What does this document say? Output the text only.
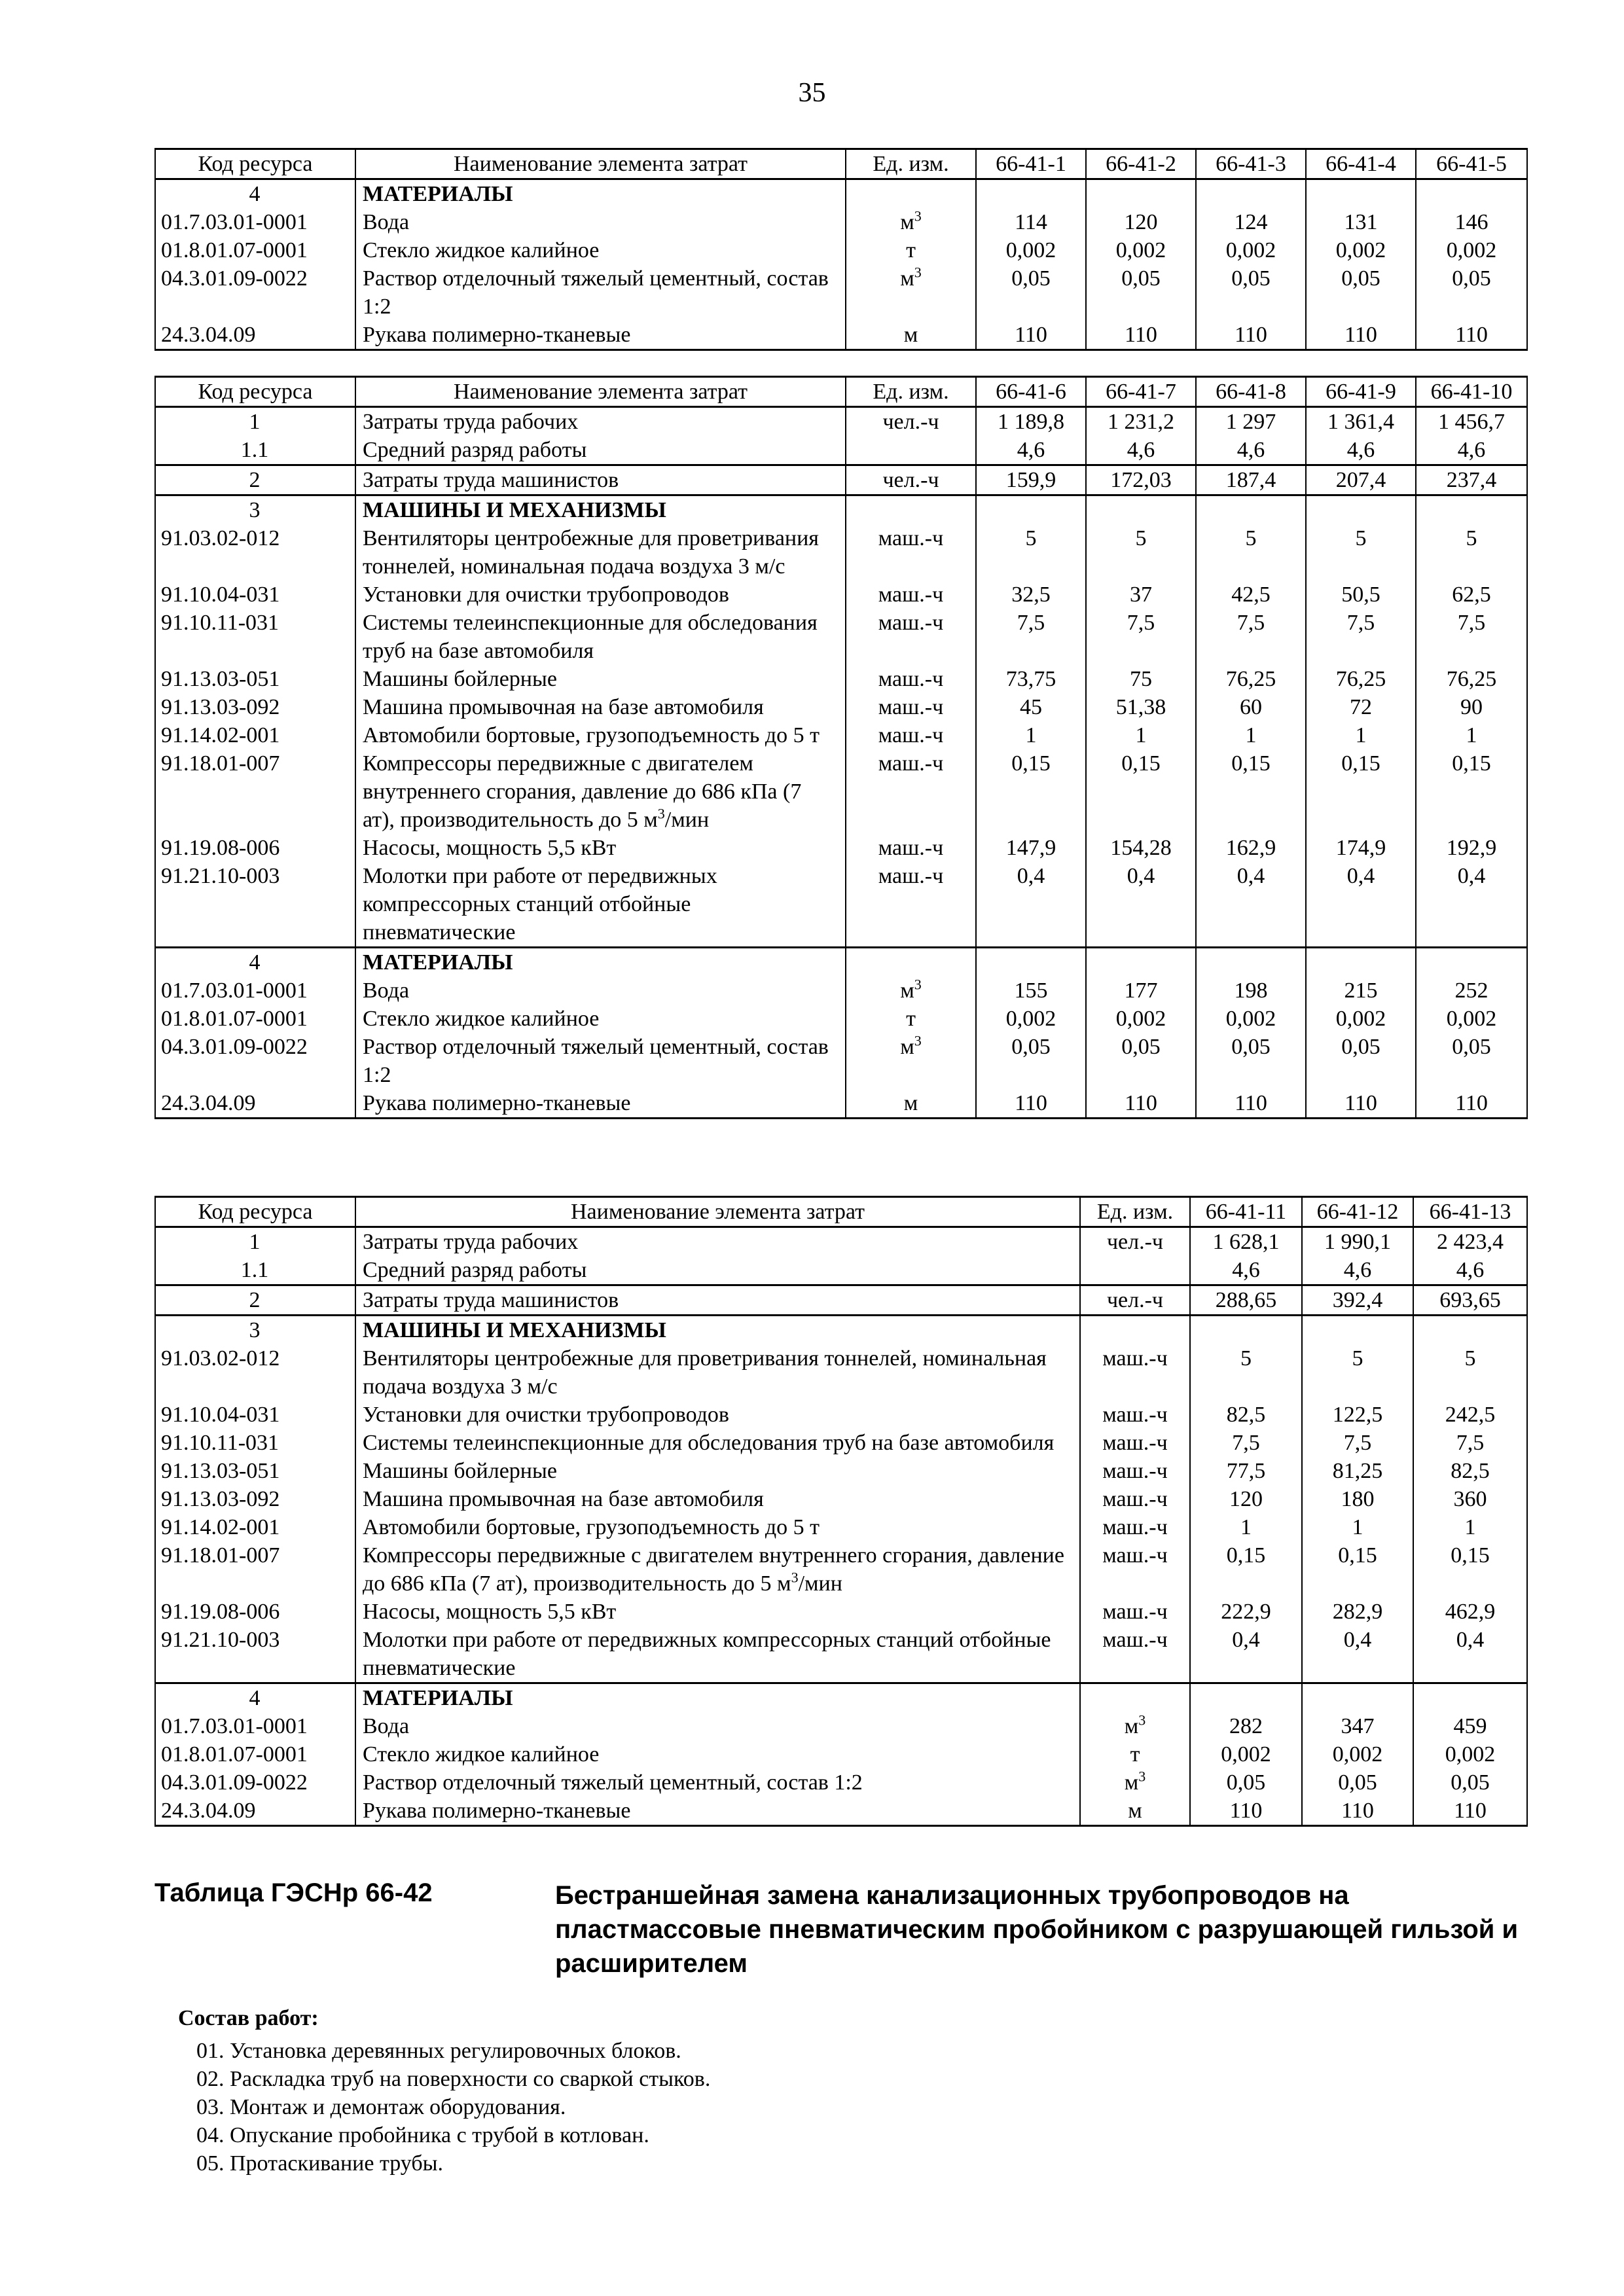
35
Код ресурса	Наименование элемента затрат	Ед. изм.	66-41-1	66-41-2	66-41-3	66-41-4	66-41-5
4	МАТЕРИАЛЫ						
01.7.03.01-0001	Вода	$м^3$	114	120	124	131	146
01.8.01.07-0001	Стекло жидкое калийное	т	0,002	0,002	0,002	0,002	0,002
04.3.01.09-0022	Раствор отделочный тяжелый цементный, состав 1:2	$м^3$	0,05	0,05	0,05	0,05	0,05
24.3.04.09	Рукава полимерно-тканевые	м	110	110	110	110	110
Код ресурса	Наименование элемента затрат	Ед. изм.	66-41-6	66-41-7	66-41-8	66-41-9	66-41-10
1	Затраты труда рабочих	чел.-ч	1 189,8	1 231,2	1 297	1 361,4	1 456,7
1.1	Средний разряд работы		4,6	4,6	4,6	4,6	4,6
2	Затраты труда машинистов	чел.-ч	159,9	172,03	187,4	207,4	237,4
3	МАШИНЫ И МЕХАНИЗМЫ						
91.03.02-012	Вентиляторы центробежные для проветривания тоннелей, номинальная подача воздуха 3 м/с	маш.-ч	5	5	5	5	5
91.10.04-031	Установки для очистки трубопроводов	маш.-ч	32,5	37	42,5	50,5	62,5
91.10.11-031	Системы телеинспекционные для обследования труб на базе автомобиля	маш.-ч	7,5	7,5	7,5	7,5	7,5
91.13.03-051	Машины бойлерные	маш.-ч	73,75	75	76,25	76,25	76,25
91.13.03-092	Машина промывочная на базе автомобиля	маш.-ч	45	51,38	60	72	90
91.14.02-001	Автомобили бортовые, грузоподъемность до 5 т	маш.-ч	1	1	1	1	1
91.18.01-007	Компрессоры передвижные с двигателем внутреннего сгорания, давление до 686 кПа (7 ат), производительность до 5 $м^3$/мин	маш.-ч	0,15	0,15	0,15	0,15	0,15
91.19.08-006	Насосы, мощность 5,5 кВт	маш.-ч	147,9	154,28	162,9	174,9	192,9
91.21.10-003	Молотки при работе от передвижных компрессорных станций отбойные пневматические	маш.-ч	0,4	0,4	0,4	0,4	0,4
4	МАТЕРИАЛЫ						
01.7.03.01-0001	Вода	$м^3$	155	177	198	215	252
01.8.01.07-0001	Стекло жидкое калийное	т	0,002	0,002	0,002	0,002	0,002
04.3.01.09-0022	Раствор отделочный тяжелый цементный, состав 1:2	$м^3$	0,05	0,05	0,05	0,05	0,05
24.3.04.09	Рукава полимерно-тканевые	м	110	110	110	110	110
Код ресурса	Наименование элемента затрат	Ед. изм.	66-41-11	66-41-12	66-41-13
1	Затраты труда рабочих	чел.-ч	1 628,1	1 990,1	2 423,4
1.1	Средний разряд работы		4,6	4,6	4,6
2	Затраты труда машинистов	чел.-ч	288,65	392,4	693,65
3	МАШИНЫ И МЕХАНИЗМЫ				
91.03.02-012	Вентиляторы центробежные для проветривания тоннелей, номинальная подача воздуха 3 м/с	маш.-ч	5	5	5
91.10.04-031	Установки для очистки трубопроводов	маш.-ч	82,5	122,5	242,5
91.10.11-031	Системы телеинспекционные для обследования труб на базе автомобиля	маш.-ч	7,5	7,5	7,5
91.13.03-051	Машины бойлерные	маш.-ч	77,5	81,25	82,5
91.13.03-092	Машина промывочная на базе автомобиля	маш.-ч	120	180	360
91.14.02-001	Автомобили бортовые, грузоподъемность до 5 т	маш.-ч	1	1	1
91.18.01-007	Компрессоры передвижные с двигателем внутреннего сгорания, давление до 686 кПа (7 ат), производительность до 5 $м^3$/мин	маш.-ч	0,15	0,15	0,15
91.19.08-006	Насосы, мощность 5,5 кВт	маш.-ч	222,9	282,9	462,9
91.21.10-003	Молотки при работе от передвижных компрессорных станций отбойные пневматические	маш.-ч	0,4	0,4	0,4
4	МАТЕРИАЛЫ				
01.7.03.01-0001	Вода	$м^3$	282	347	459
01.8.01.07-0001	Стекло жидкое калийное	т	0,002	0,002	0,002
04.3.01.09-0022	Раствор отделочный тяжелый цементный, состав 1:2	$м^3$	0,05	0,05	0,05
24.3.04.09	Рукава полимерно-тканевые	м	110	110	110
Таблица ГЭСНр 66-42	Бестраншейная замена канализационных трубопроводов на пластмассовые пневматическим пробойником с разрушающей гильзой и расширителем
Состав работ:
01. Установка деревянных регулировочных блоков.
02. Раскладка труб на поверхности со сваркой стыков.
03. Монтаж и демонтаж оборудования.
04. Опускание пробойника с трубой в котлован.
05. Протаскивание трубы.
